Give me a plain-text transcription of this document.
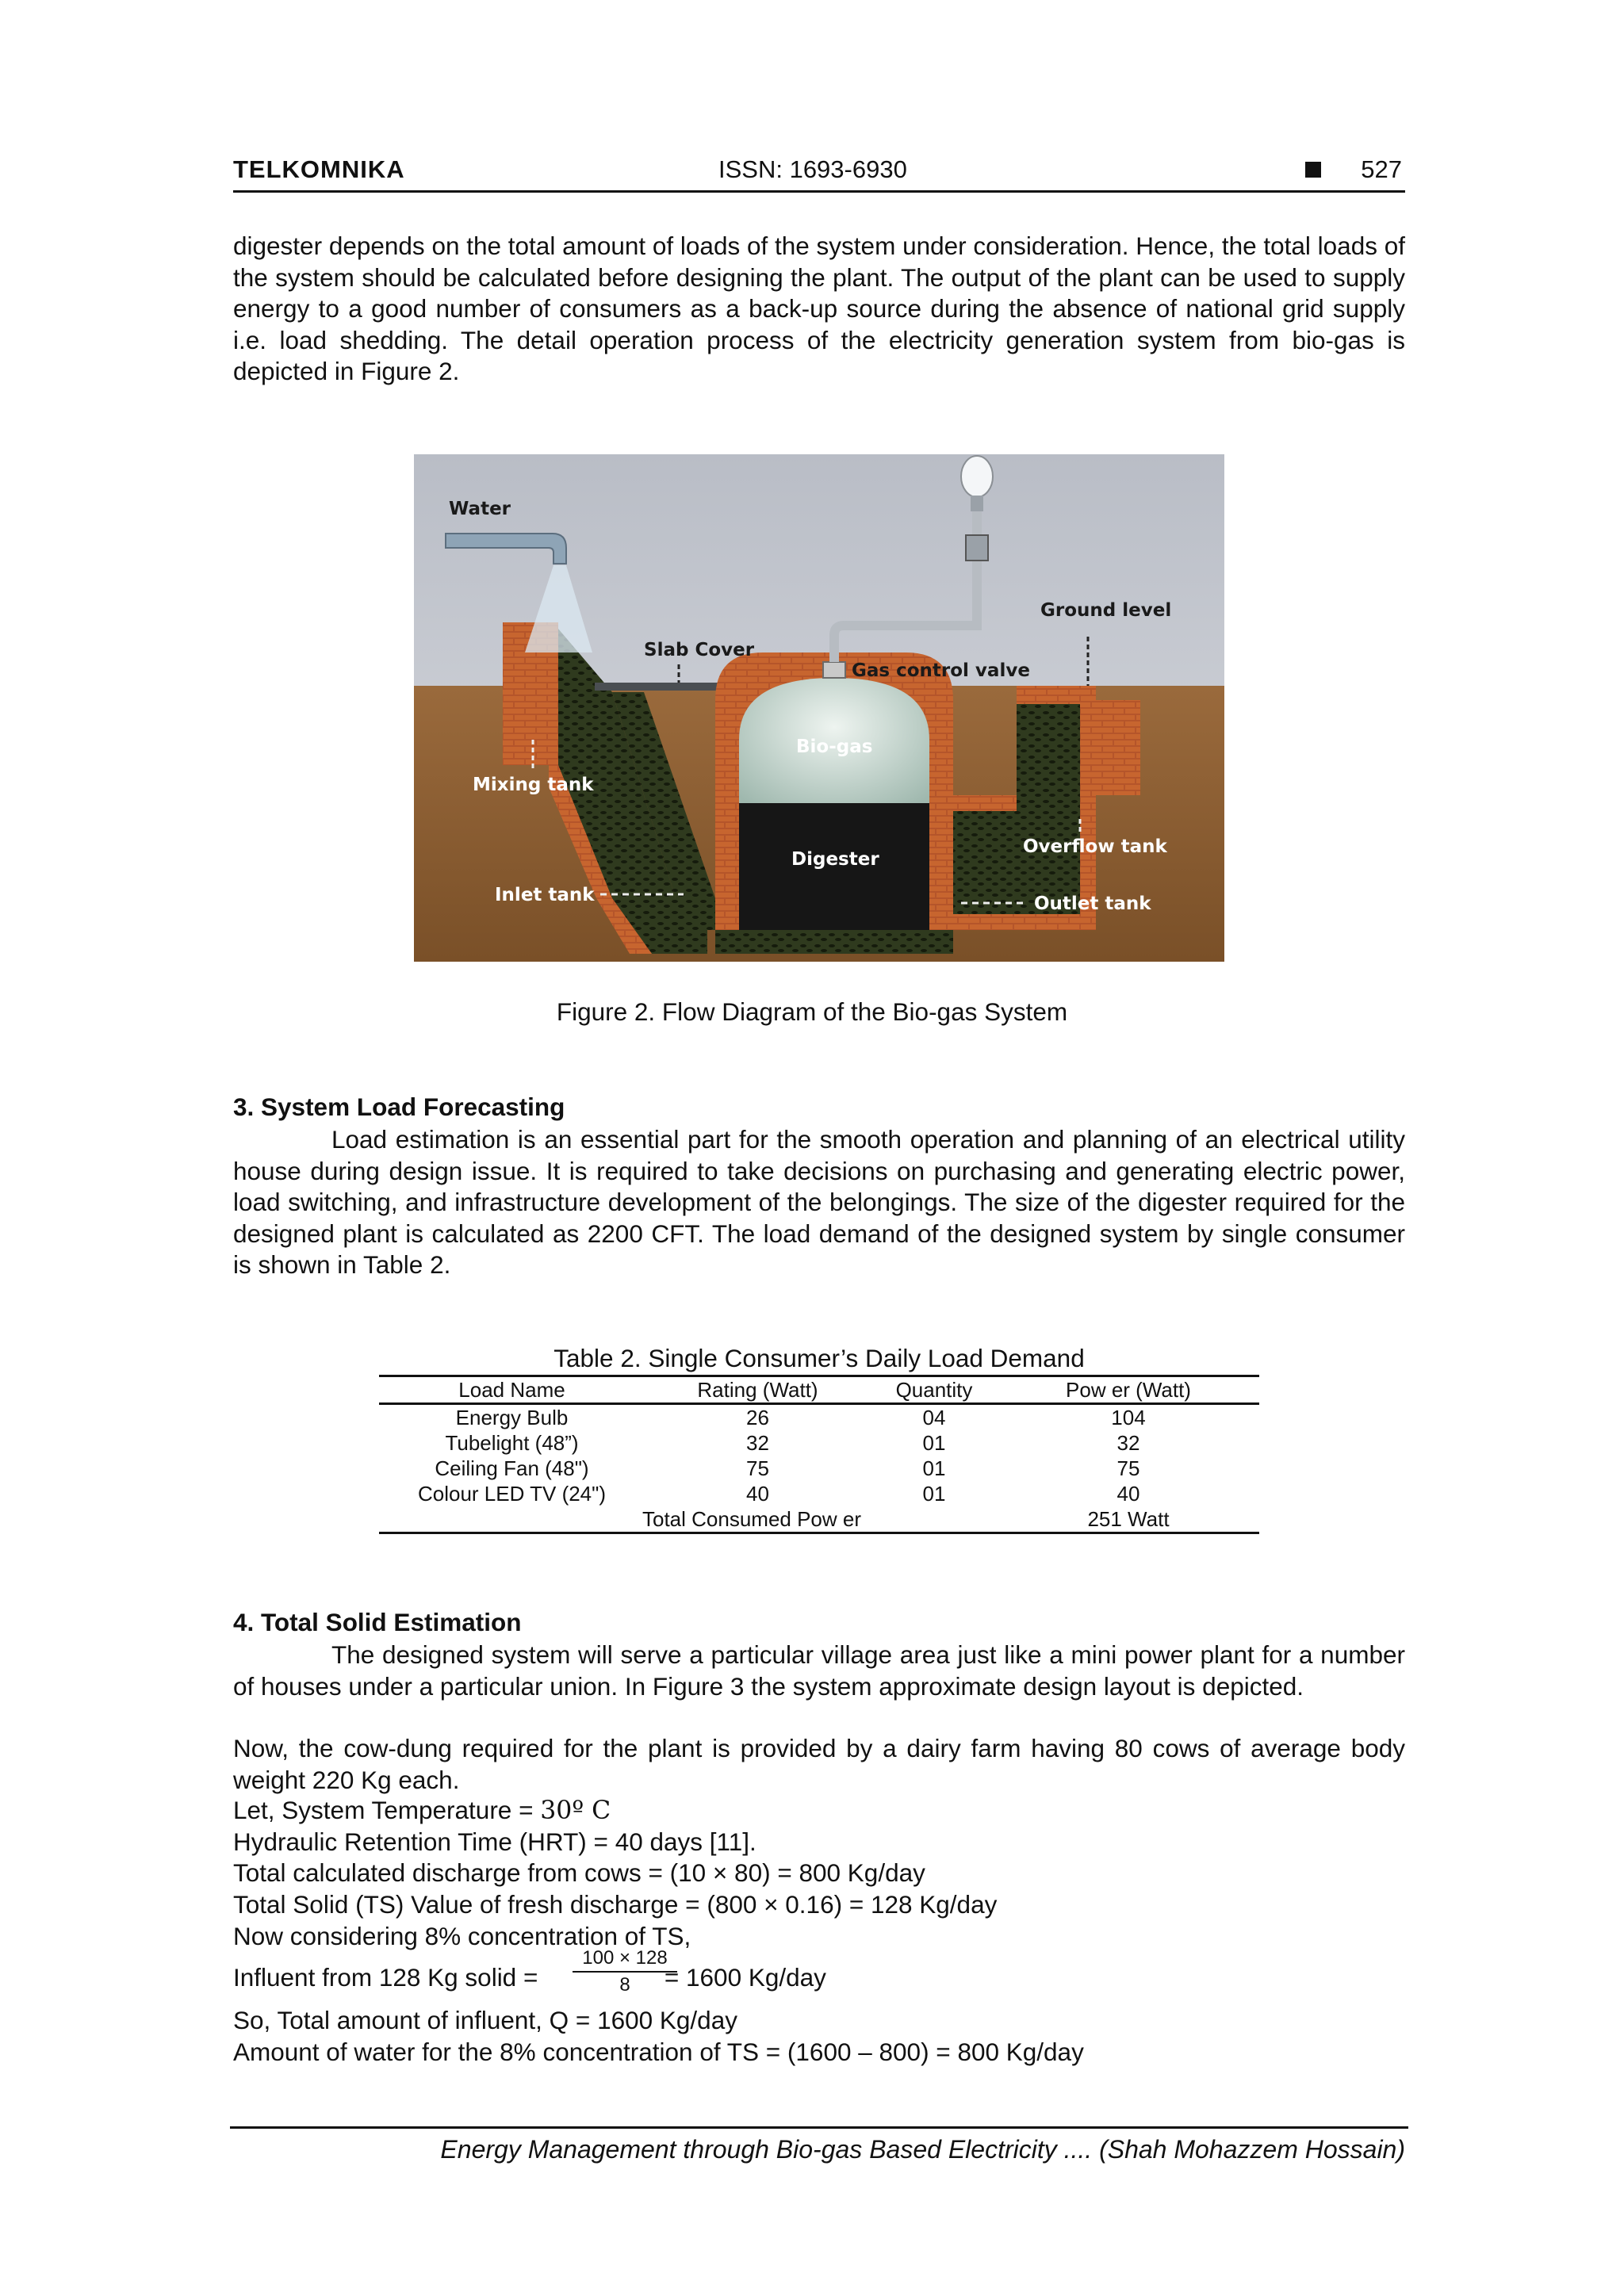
TELKOMNIKA	ISSN: 1693-6930	527

digester depends on the total amount of loads of the system under consideration. Hence, the total loads of the system should be calculated before designing the plant. The output of the plant can be used to supply energy to a good number of consumers as a back-up source during the absence of national grid supply i.e. load shedding. The detail operation process of the electricity generation system from bio-gas is depicted in Figure 2.

Water
Ground level
Slab Cover
Gas control valve
Bio-gas
Mixing tank
Digester
Overflow tank
Inlet tank	Outlet tank
Figure 2. Flow Diagram of the Bio-gas System
3. System Load Forecasting

Load estimation is an essential part for the smooth operation and planning of an electrical utility house during design issue. It is required to take decisions on purchasing and generating electric power, load switching, and infrastructure development of the belongings. The size of the digester required for the designed plant is calculated as 2200 CFT. The load demand of the designed system by single consumer is shown in Table 2.

Table 2. Single Consumer’s Daily Load Demand
Load Name	Rating (Watt)	Quantity	Pow er (Watt)
Energy Bulb	26	04	104
Tubelight (48”)	32	01	32
Ceiling Fan (48")	75	01	75
Colour LED TV (24")	40	01	40
Total Consumed Pow er			251 Watt
4. Total Solid Estimation

The designed system will serve a particular village area just like a mini power plant for a number of houses under a particular union. In Figure 3 the system approximate design layout is depicted.

Now, the cow-dung required for the plant is provided by a dairy farm having 80 cows of average body weight 220 Kg each.

Let, System Temperature = 30º C
Hydraulic Retention Time (HRT) = 40 days [11].
Total calculated discharge from cows = (10 × 80) = 800 Kg/day
Total Solid (TS) Value of fresh discharge = (800 × 0.16) = 128 Kg/day
Now considering 8% concentration of TS,
Influent from 128 Kg solid =	= 1600 Kg/day
$\frac{100 \times 128}{8}$
So, Total amount of influent, Q = 1600 Kg/day
Amount of water for the 8% concentration of TS = (1600 – 800) = 800 Kg/day
Energy Management through Bio-gas Based Electricity .... (Shah Mohazzem Hossain)
